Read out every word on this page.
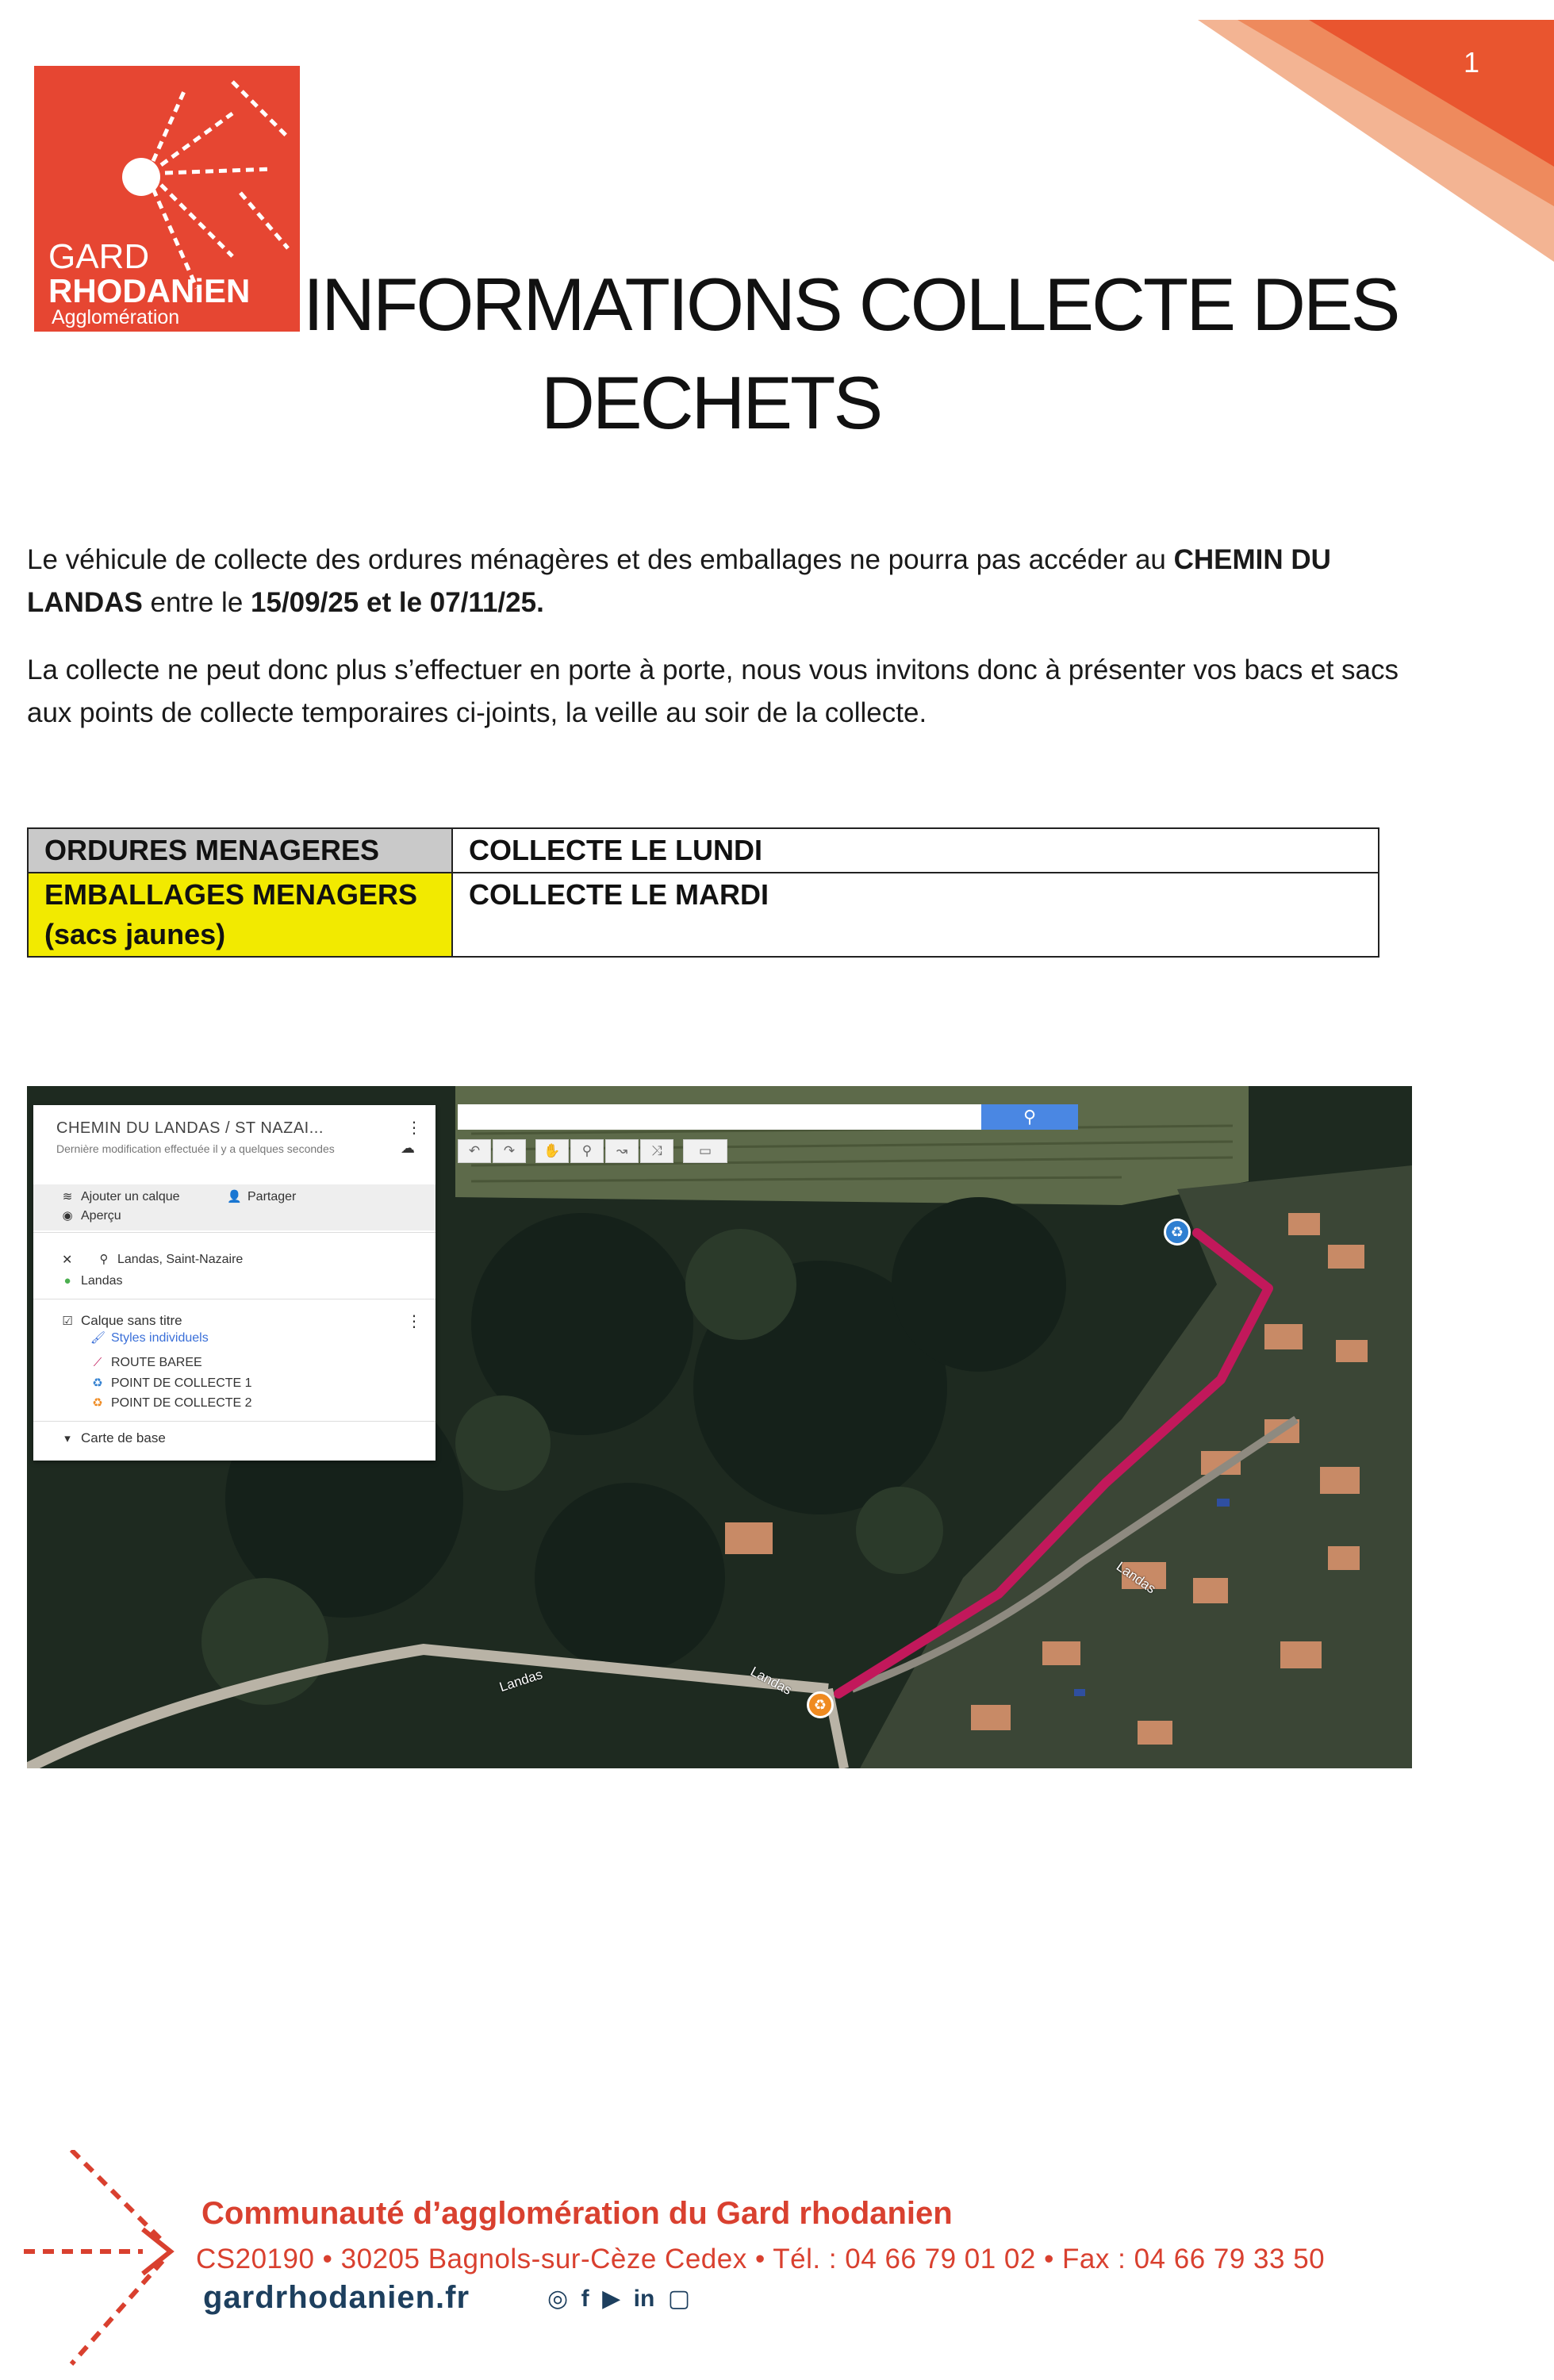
1
GARD
RHODANiEN
Agglomération INFORMATIONS COLLECTE DES
DECHETS
Le véhicule de collecte des ordures ménagères et des emballages ne pourra pas accéder au CHEMIN DU LANDAS entre le 15/09/25 et le 07/11/25.
La collecte ne peut donc plus s’effectuer en porte à porte, nous vous invitons donc à présenter vos bacs et sacs aux points de collecte temporaires ci-joints, la veille au soir de la collecte.
ORDURES MENAGERES	COLLECTE LE LUNDI
EMBALLAGES MENAGERS
(sacs jaunes)	COLLECTE LE MARDI
Landas	Landas
Landas
♻
♻
CHEMIN DU LANDAS / ST NAZAI...	⋮
☁
Dernière modification effectuée il y a quelques secondes
≋ Ajouter un calque	👤 Partager
◉ Aperçu
✕ ⚲ Landas, Saint-Nazaire
● Landas
☑ Calque sans titre	⋮
🖌 Styles individuels
⟋ ROUTE BAREE
♻ POINT DE COLLECTE 1
♻ POINT DE COLLECTE 2
▾ Carte de base
⚲
↶	↷	✋	⚲	↝	⤨	▭
Communauté d’agglomération du Gard rhodanien
CS20190 • 30205 Bagnols-sur-Cèze Cedex • Tél. : 04 66 79 01 02 • Fax : 04 66 79 33 50
gardrhodanien.fr	◎ f ▶ in ▢
